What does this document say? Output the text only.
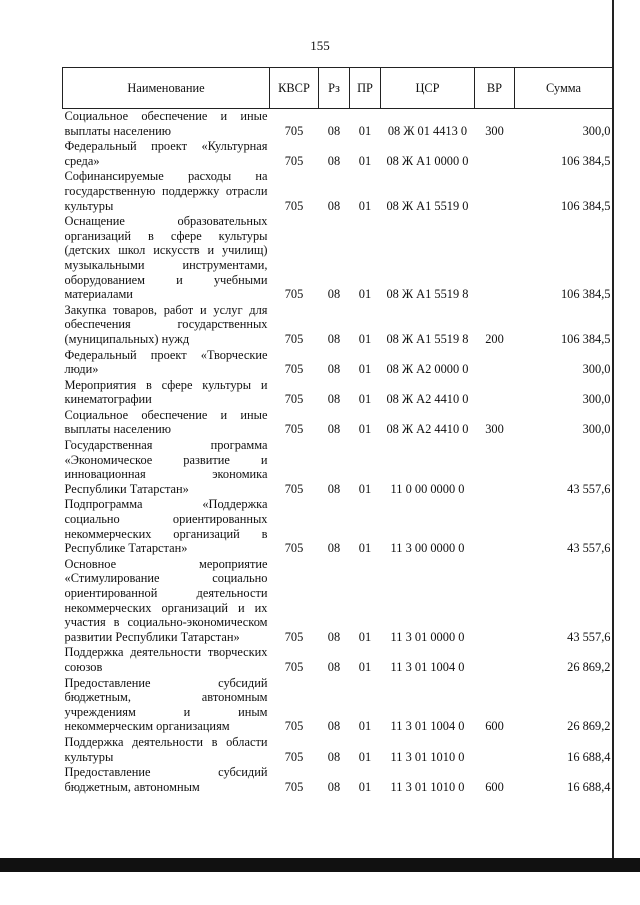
155
Наименование	КВСР	Рз	ПР	ЦСР	ВР	Сумма
Социальное обеспечение и иные выплаты населению	705	08	01	08 Ж 01 4413 0	300	300,0
Федеральный проект «Культурная среда»	705	08	01	08 Ж А1 0000 0		106 384,5
Софинансируемые расходы на государственную поддержку отрасли культуры	705	08	01	08 Ж А1 5519 0		106 384,5
Оснащение образовательных организаций в сфере культуры (детских школ искусств и училищ) музыкальными инструментами, оборудованием и учебными материалами	705	08	01	08 Ж А1 5519 8		106 384,5
Закупка товаров, работ и услуг для обеспечения государственных (муниципальных) нужд	705	08	01	08 Ж А1 5519 8	200	106 384,5
Федеральный проект «Творческие люди»	705	08	01	08 Ж А2 0000 0		300,0
Мероприятия в сфере культуры и кинематографии	705	08	01	08 Ж А2 4410 0		300,0
Социальное обеспечение и иные выплаты населению	705	08	01	08 Ж А2 4410 0	300	300,0
Государственная программа «Экономическое развитие и инновационная экономика Республики Татарстан»	705	08	01	11 0 00 0000 0		43 557,6
Подпрограмма «Поддержка социально ориентированных некоммерческих организаций в Республике Татарстан»	705	08	01	11 3 00 0000 0		43 557,6
Основное мероприятие «Стимулирование социально ориентированной деятельности некоммерческих организаций и их участия в социально-экономическом развитии Республики Татарстан»	705	08	01	11 3 01 0000 0		43 557,6
Поддержка деятельности творческих союзов	705	08	01	11 3 01 1004 0		26 869,2
Предоставление субсидий бюджетным, автономным учреждениям и иным некоммерческим организациям	705	08	01	11 3 01 1004 0	600	26 869,2
Поддержка деятельности в области культуры	705	08	01	11 3 01 1010 0		16 688,4
Предоставление субсидий бюджетным, автономным	705	08	01	11 3 01 1010 0	600	16 688,4
